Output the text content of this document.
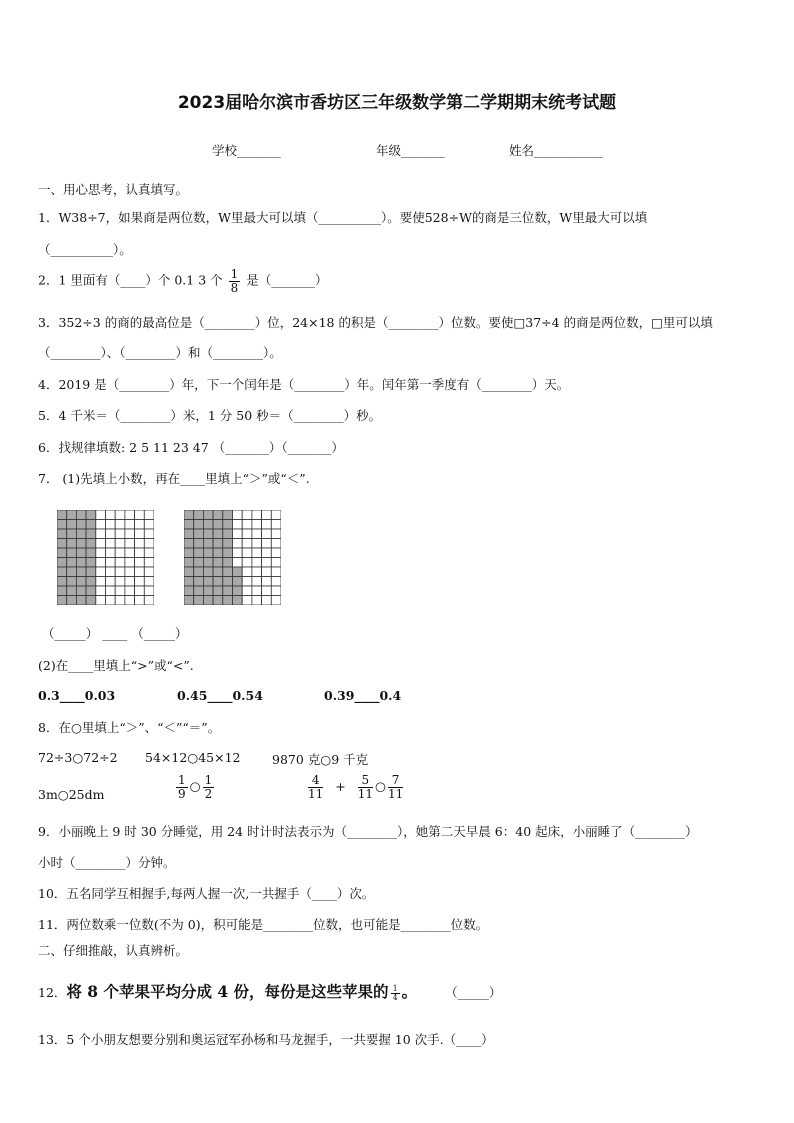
2023届哈尔滨市香坊区三年级数学第二学期期末统考试题
学校_______	年级_______	姓名___________
一、用心思考，认真填写。
1．W38÷7，如果商是两位数，W里最大可以填（__________）。要使528÷W的商是三位数，W里最大可以填
（__________）。
2．1 里面有（____）个 0.1 3 个 $\frac{1}{8}$ 是（_______）
3．352÷3 的商的最高位是（________）位，24×18 的积是（________）位数。要使□37÷4 的商是两位数，□里可以填
（________）、（________）和（________）。
4．2019 是（________）年，下一个闰年是（________）年。闰年第一季度有（________）天。
5．4 千米＝（________）米，1 分 50 秒＝（________）秒。
6．找规律填数: 2 5 11 23 47 （_______）（_______）
7． (1)先填上小数，再在____里填上“＞”或“＜”.
（_____） ____ （_____）
(2)在____里填上“>”或“<”.
0.3____0.03	0.45____0.54	0.39____0.4
8．在○里填上“＞”、“＜”“＝”。
72÷3○72÷2 54×12○45×12	9870 克○9 千克
3m○25dm	$\frac{1}{9}$ ○ $\frac{1}{2}$	$\frac{4}{11} + \frac{5}{11}$ ○ $\frac{7}{11}$
9．小丽晚上 9 时 30 分睡觉，用 24 时计时法表示为（________），她第二天早晨 6：40 起床，小丽睡了（________）
小时（________）分钟。
10．五名同学互相握手,每两人握一次,一共握手（____）次。
11．两位数乘一位数(不为 0)，积可能是________位数，也可能是________位数。
二、仔细推敲，认真辨析。
12．将 8 个苹果平均分成 4 份，每份是这些苹果的 $\frac{1}{4}$ 。 （_____）
13．5 个小朋友想要分别和奥运冠军孙杨和马龙握手，一共要握 10 次手.（____）
